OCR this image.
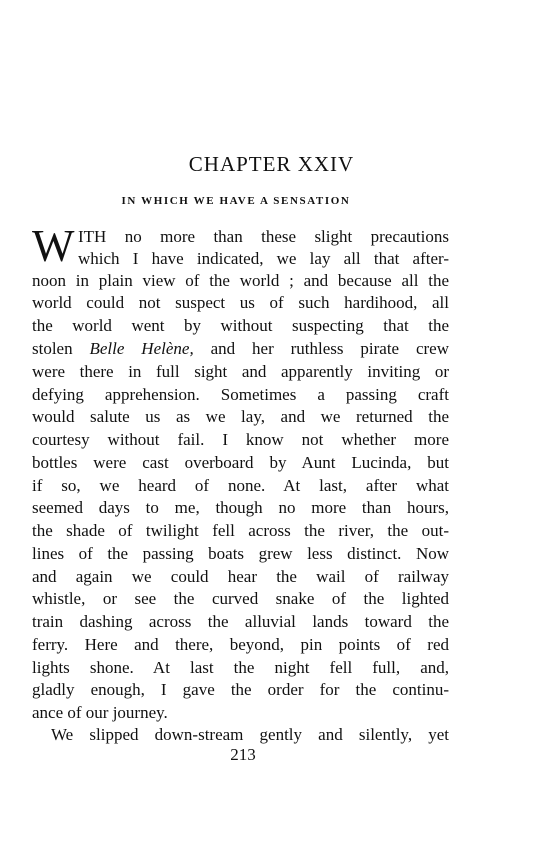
CHAPTER XXIV
IN WHICH WE HAVE A SENSATION
W ITH no more than these slight precautions
which I have indicated, we lay all that after-
noon in plain view of the world ; and because all the
world could not suspect us of such hardihood, all
the world went by without suspecting that the
stolen Belle Helène, and her ruthless pirate crew
were there in full sight and apparently inviting or
defying apprehension. Sometimes a passing craft
would salute us as we lay, and we returned the
courtesy without fail. I know not whether more
bottles were cast overboard by Aunt Lucinda, but
if so, we heard of none. At last, after what
seemed days to me, though no more than hours,
the shade of twilight fell across the river, the out-
lines of the passing boats grew less distinct. Now
and again we could hear the wail of railway
whistle, or see the curved snake of the lighted
train dashing across the alluvial lands toward the
ferry. Here and there, beyond, pin points of red
lights shone. At last the night fell full, and,
gladly enough, I gave the order for the continu-
ance of our journey.
We slipped down-stream gently and silently, yet
213
